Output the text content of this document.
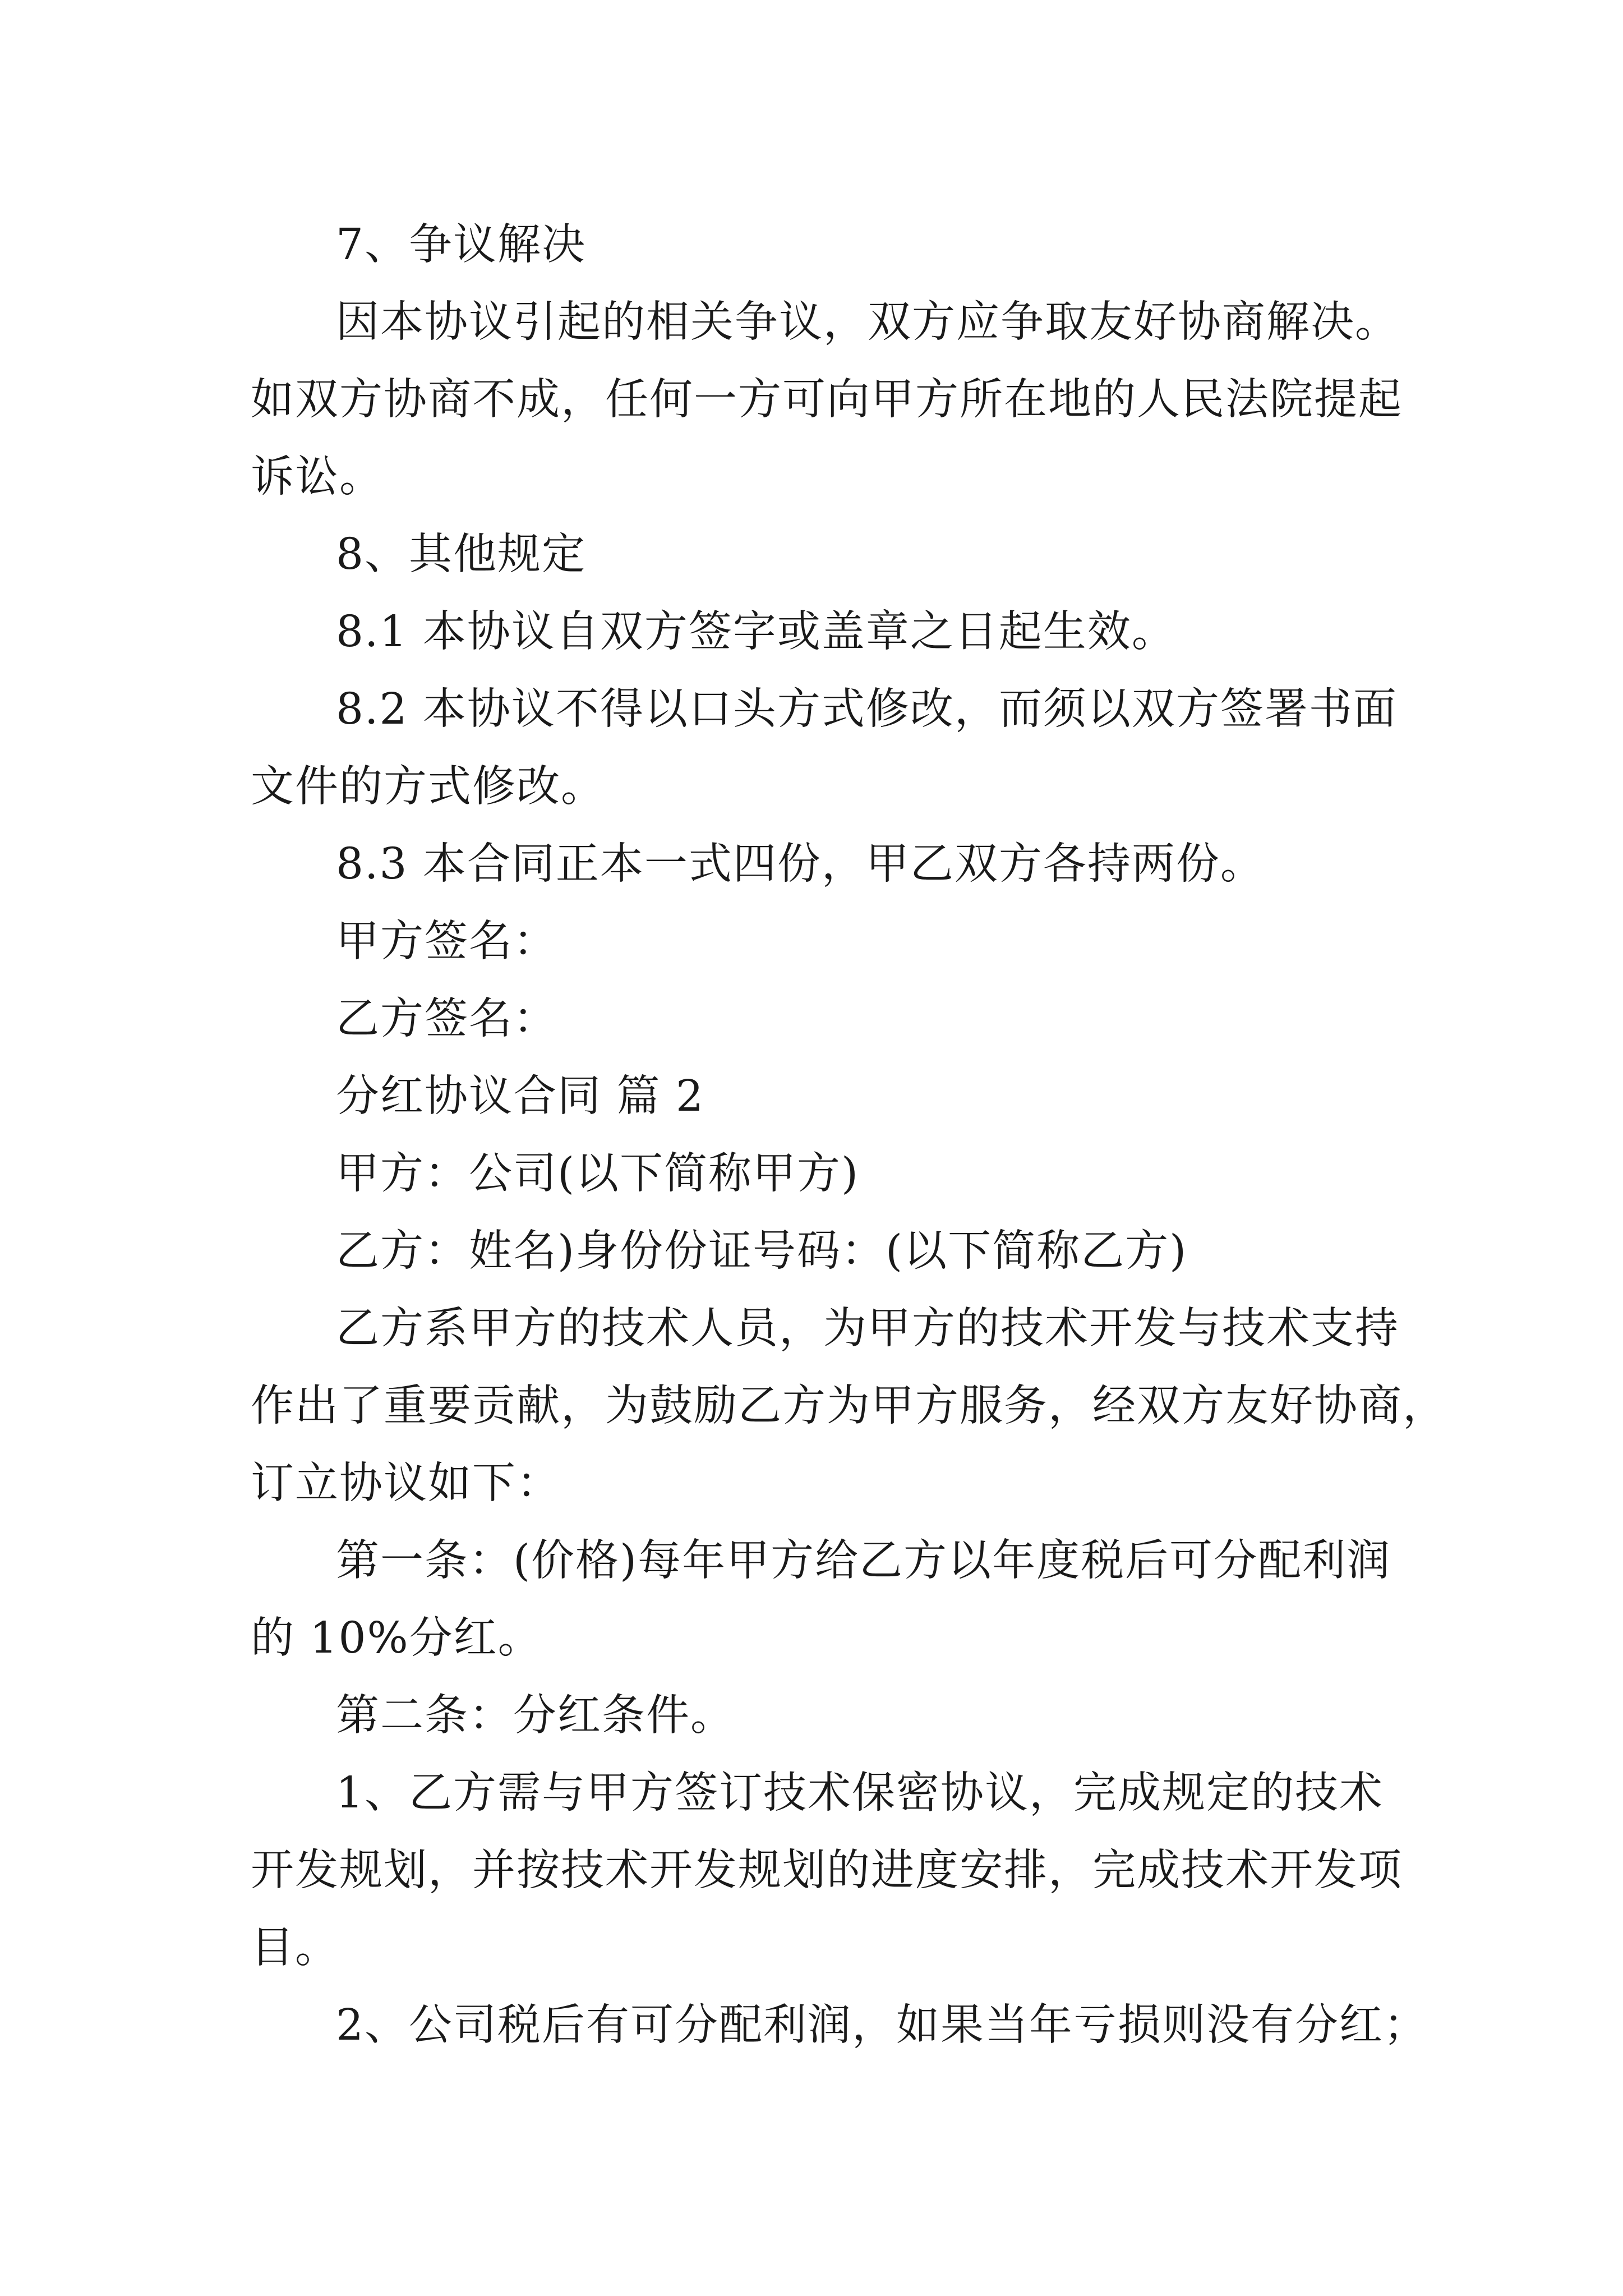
7、争议解决

因本协议引起的相关争议，双方应争取友好协商解决。

如双方协商不成，任何一方可向甲方所在地的人民法院提起

诉讼。

8、其他规定

8.1 本协议自双方签字或盖章之日起生效。

8.2 本协议不得以口头方式修改，而须以双方签署书面

文件的方式修改。

8.3 本合同正本一式四份，甲乙双方各持两份。

甲方签名：

乙方签名：

分红协议合同 篇 2

甲方：公司(以下简称甲方)

乙方：姓名)身份份证号码：(以下简称乙方)

乙方系甲方的技术人员，为甲方的技术开发与技术支持

作出了重要贡献，为鼓励乙方为甲方服务，经双方友好协商，

订立协议如下：

第一条：(价格)每年甲方给乙方以年度税后可分配利润

的 10%分红。

第二条：分红条件。

1、乙方需与甲方签订技术保密协议，完成规定的技术

开发规划，并按技术开发规划的进度安排，完成技术开发项

目。

2、公司税后有可分配利润，如果当年亏损则没有分红；
